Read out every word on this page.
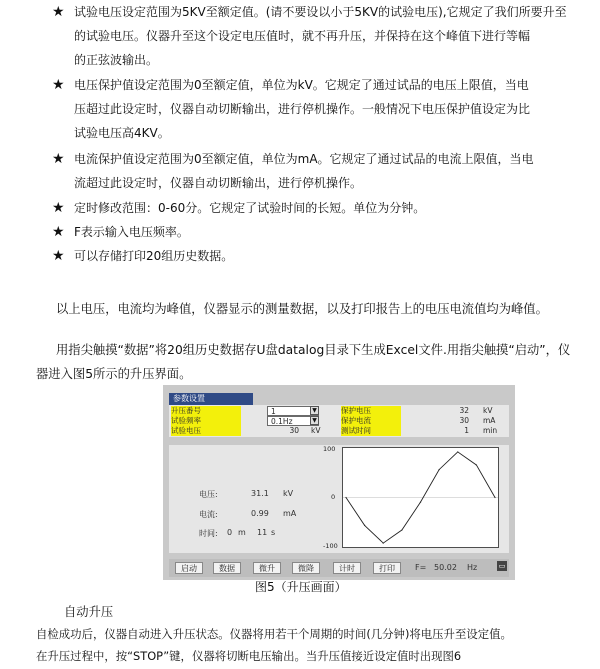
★ 试验电压设定范围为5KV至额定值。(请不要设以小于5KV的试验电压),它规定了我们所要升至
的试验电压。仪器升至这个设定电压值时，就不再升压，并保持在这个峰值下进行等幅
的正弦波输出。
★ 电压保护值设定范围为0至额定值，单位为kV。它规定了通过试品的电压上限值，当电
压超过此设定时，仪器自动切断输出，进行停机操作。一般情况下电压保护值设定为比
试验电压高4KV。
★ 电流保护值设定范围为0至额定值，单位为mA。它规定了通过试品的电流上限值，当电
流超过此设定时，仪器自动切断输出，进行停机操作。
★ 定时修改范围：0-60分。它规定了试验时间的长短。单位为分钟。
★ F表示输入电压频率。
★ 可以存储打印20组历史数据。
以上电压，电流均为峰值，仪器显示的测量数据，以及打印报告上的电压电流值均为峰值。
用指尖触摸“数据”将20组历史数据存U盘datalog目录下生成Excel文件.用指尖触摸“启动”，仪器进入图5所示的升压界面。
参数设置
升压番号	1	▼	保护电压	32 kV
试验频率	0.1Hz	▼	保护电流	30 mA
试验电压	30 kV	测试时间	1 min
电压:	31.1 kV
电流:	0.99 mA
时间: 0 m 11 s
100
0
-100
启动	数据	微升	微降	计时	打印	F= 50.02 Hz	▭
图5（升压画面）
自动升压
自检成功后，仪器自动进入升压状态。仪器将用若干个周期的时间(几分钟)将电压升至设定值。
在升压过程中，按“STOP”键，仪器将切断电压输出。当升压值接近设定值时出现图6
